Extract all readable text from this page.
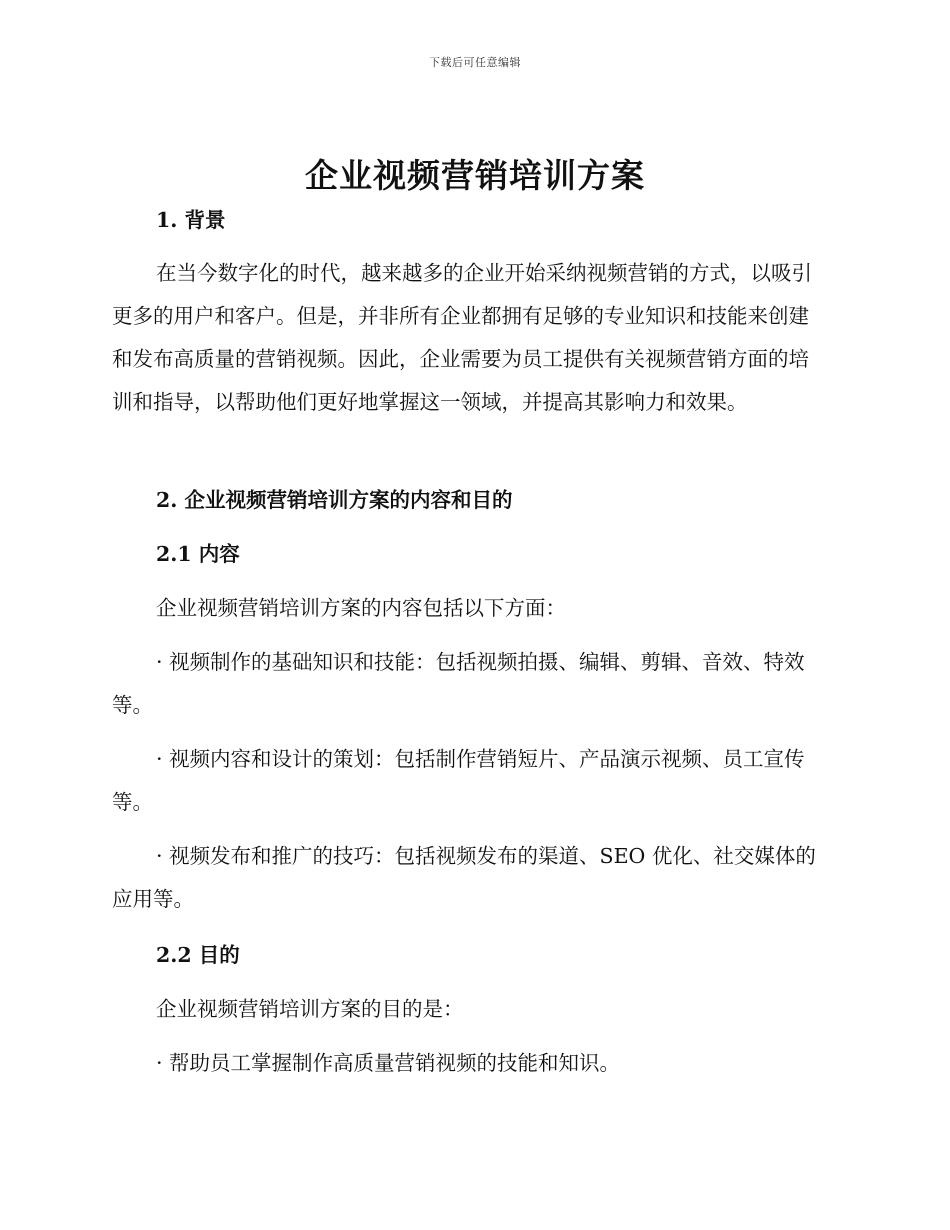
下载后可任意编辑
企业视频营销培训方案

1. 背景

在当今数字化的时代，越来越多的企业开始采纳视频营销的方式，以吸引更多的用户和客户。但是，并非所有企业都拥有足够的专业知识和技能来创建和发布高质量的营销视频。因此，企业需要为员工提供有关视频营销方面的培训和指导，以帮助他们更好地掌握这一领域，并提高其影响力和效果。

2. 企业视频营销培训方案的内容和目的

2.1 内容

企业视频营销培训方案的内容包括以下方面：

· 视频制作的基础知识和技能：包括视频拍摄、编辑、剪辑、音效、特效等。

· 视频内容和设计的策划：包括制作营销短片、产品演示视频、员工宣传等。

· 视频发布和推广的技巧：包括视频发布的渠道、SEO 优化、社交媒体的应用等。

2.2 目的

企业视频营销培训方案的目的是：

· 帮助员工掌握制作高质量营销视频的技能和知识。
